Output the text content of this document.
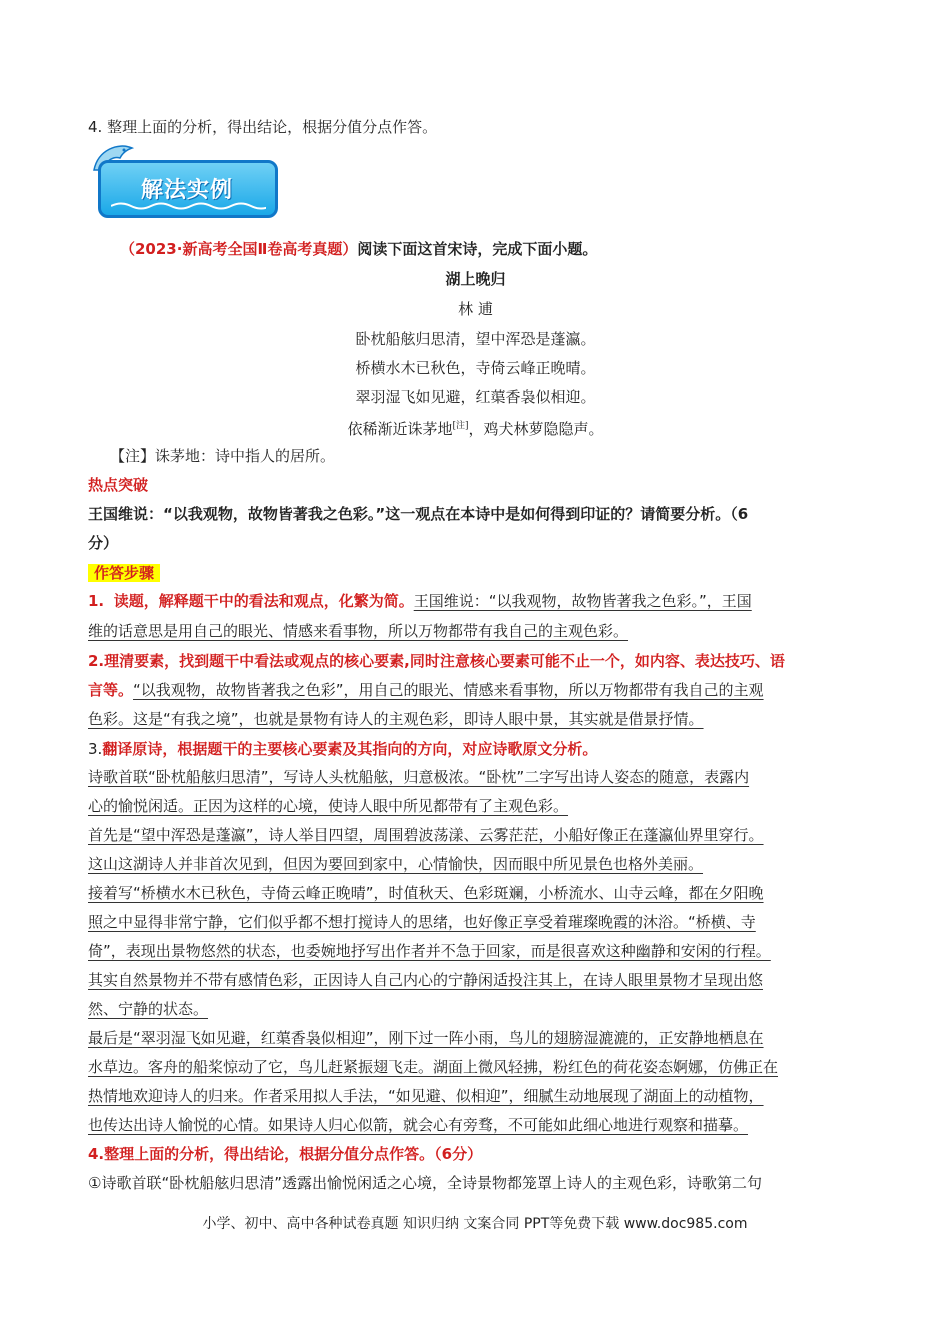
4. 整理上面的分析，得出结论，根据分值分点作答。
解法实例
（2023·新高考全国Ⅱ卷高考真题）阅读下面这首宋诗，完成下面小题。
湖上晚归
林 逋
卧枕船舷归思清，望中浑恐是蓬瀛。
桥横水木已秋色，寺倚云峰正晚晴。
翠羽湿飞如见避，红蕖香袅似相迎。
依稀渐近诛茅地[注]，鸡犬林萝隐隐声。
【注】诛茅地：诗中指人的居所。
热点突破
王国维说：“以我观物，故物皆著我之色彩。”这一观点在本诗中是如何得到印证的？请简要分析。（6
分）
作答步骤
1. 读题，解释题干中的看法和观点，化繁为简。王国维说：“以我观物，故物皆著我之色彩。”，王国
维的话意思是用自己的眼光、情感来看事物，所以万物都带有我自己的主观色彩。
2.理清要素，找到题干中看法或观点的核心要素,同时注意核心要素可能不止一个，如内容、表达技巧、语
言等。“以我观物，故物皆著我之色彩”，用自己的眼光、情感来看事物，所以万物都带有我自己的主观
色彩。这是“有我之境”，也就是景物有诗人的主观色彩，即诗人眼中景，其实就是借景抒情。
3.翻译原诗，根据题干的主要核心要素及其指向的方向，对应诗歌原文分析。
诗歌首联“卧枕船舷归思清”，写诗人头枕船舷，归意极浓。“卧枕”二字写出诗人姿态的随意，表露内
心的愉悦闲适。正因为这样的心境，使诗人眼中所见都带有了主观色彩。
首先是“望中浑恐是蓬瀛”，诗人举目四望，周围碧波荡漾、云雾茫茫，小船好像正在蓬瀛仙界里穿行。
这山这湖诗人并非首次见到，但因为要回到家中，心情愉快，因而眼中所见景色也格外美丽。
接着写“桥横水木已秋色，寺倚云峰正晚晴”，时值秋天、色彩斑斓，小桥流水、山寺云峰，都在夕阳晚
照之中显得非常宁静，它们似乎都不想打搅诗人的思绪，也好像正享受着璀璨晚霞的沐浴。“桥横、寺
倚”，表现出景物悠然的状态，也委婉地抒写出作者并不急于回家，而是很喜欢这种幽静和安闲的行程。
其实自然景物并不带有感情色彩，正因诗人自己内心的宁静闲适投注其上，在诗人眼里景物才呈现出悠
然、宁静的状态。
最后是“翠羽湿飞如见避，红蕖香袅似相迎”，刚下过一阵小雨，鸟儿的翅膀湿漉漉的，正安静地栖息在
水草边。客舟的船桨惊动了它，鸟儿赶紧振翅飞走。湖面上微风轻拂，粉红色的荷花姿态婀娜，仿佛正在
热情地欢迎诗人的归来。作者采用拟人手法，“如见避、似相迎”，细腻生动地展现了湖面上的动植物，
也传达出诗人愉悦的心情。如果诗人归心似箭，就会心有旁骛，不可能如此细心地进行观察和描摹。
4.整理上面的分析，得出结论，根据分值分点作答。（6分）
①诗歌首联“卧枕船舷归思清”透露出愉悦闲适之心境，全诗景物都笼罩上诗人的主观色彩，诗歌第二句
小学、初中、高中各种试卷真题 知识归纳 文案合同 PPT等免费下载 www.doc985.com
